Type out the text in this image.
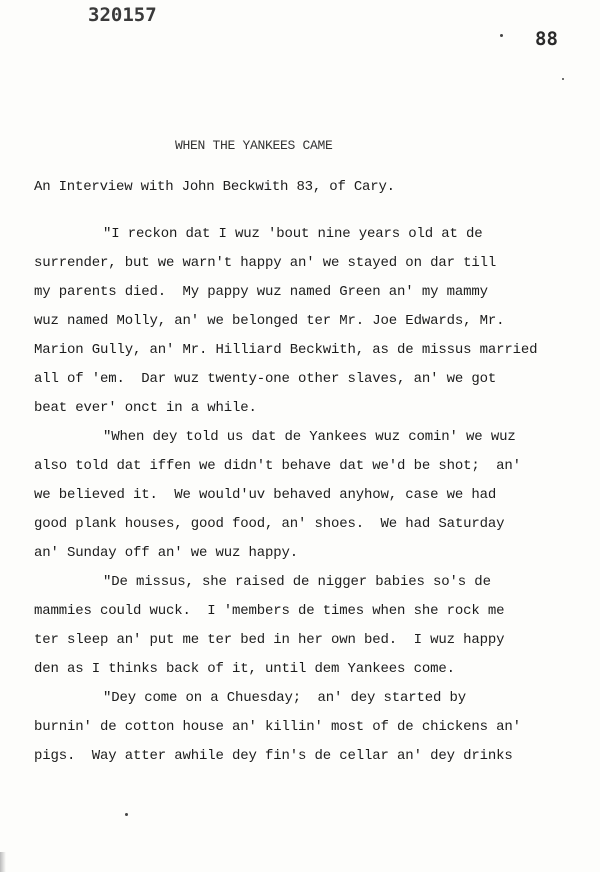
320157
88
WHEN THE YANKEES CAME
An Interview with John Beckwith 83, of Cary.
"I reckon dat I wuz 'bout nine years old at de
surrender, but we warn't happy an' we stayed on dar till
my parents died.  My pappy wuz named Green an' my mammy
wuz named Molly, an' we belonged ter Mr. Joe Edwards, Mr.
Marion Gully, an' Mr. Hilliard Beckwith, as de missus married
all of 'em.  Dar wuz twenty-one other slaves, an' we got
beat ever' onct in a while.
"When dey told us dat de Yankees wuz comin' we wuz
also told dat iffen we didn't behave dat we'd be shot;  an'
we believed it.  We would'uv behaved anyhow, case we had
good plank houses, good food, an' shoes.  We had Saturday
an' Sunday off an' we wuz happy.
"De missus, she raised de nigger babies so's de
mammies could wuck.  I 'members de times when she rock me
ter sleep an' put me ter bed in her own bed.  I wuz happy
den as I thinks back of it, until dem Yankees come.
"Dey come on a Chuesday;  an' dey started by
burnin' de cotton house an' killin' most of de chickens an'
pigs.  Way atter awhile dey fin's de cellar an' dey drinks
